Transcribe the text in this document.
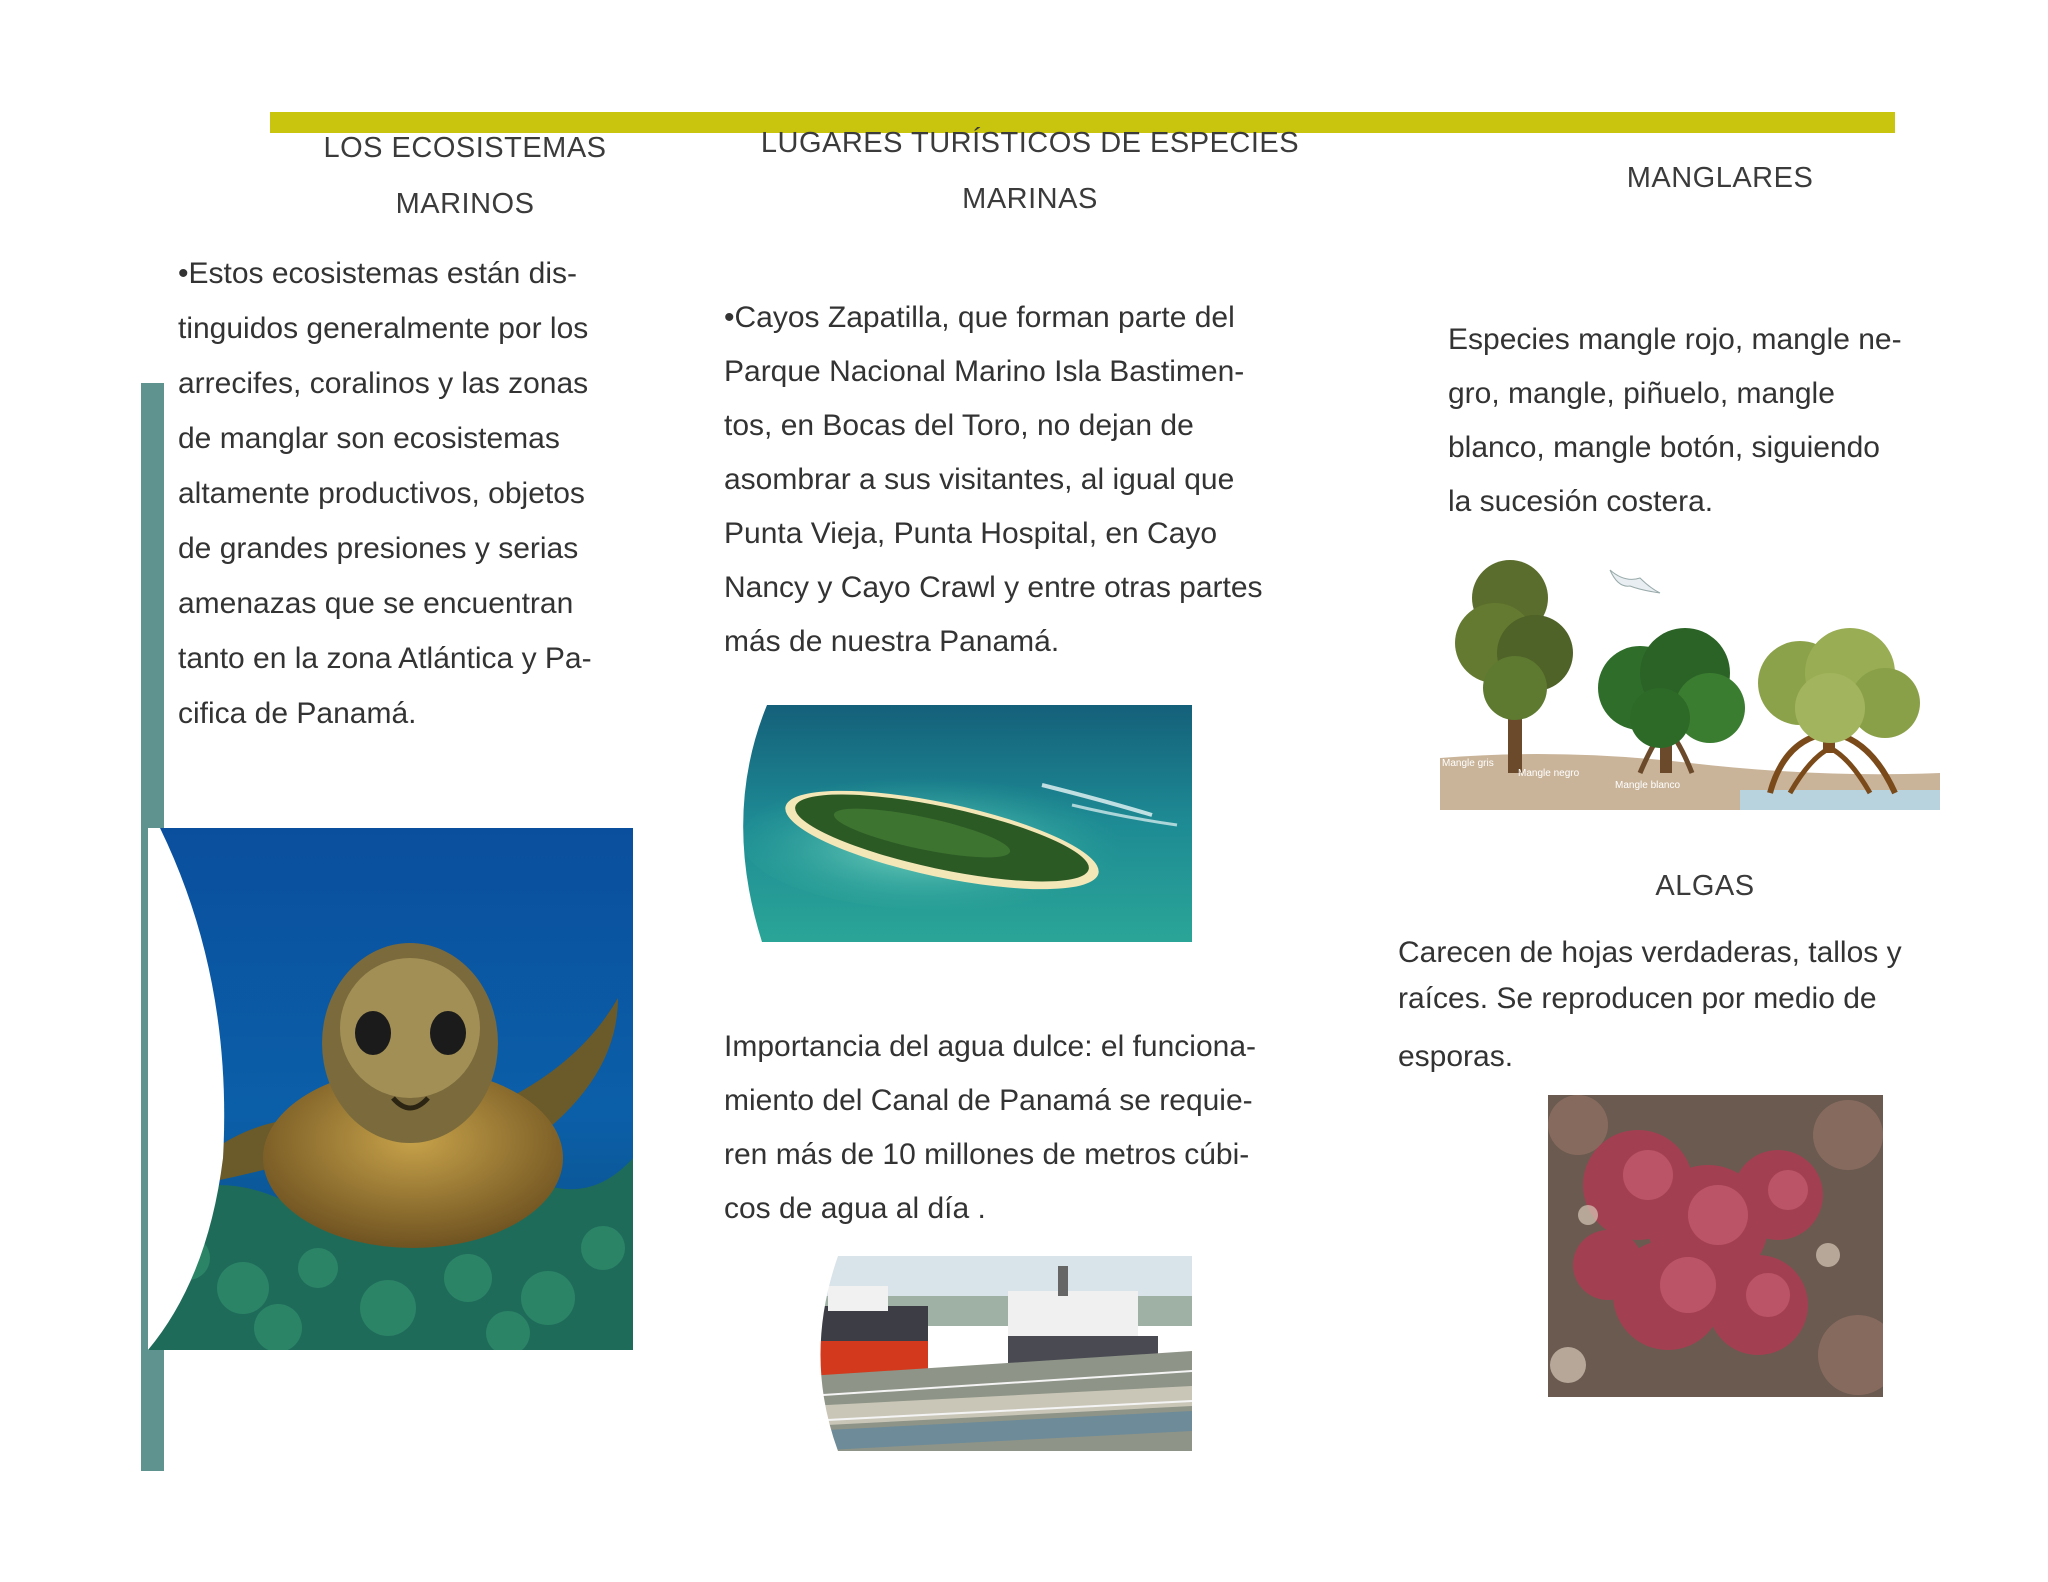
LOS ECOSISTEMAS
MARINOS
•Estos ecosistemas están dis-
tinguidos generalmente por los
arrecifes, coralinos y las zonas
de manglar son ecosistemas
altamente productivos, objetos
de grandes presiones y serias
amenazas que se encuentran
tanto en la zona Atlántica y Pa-
cifica de Panamá.
LUGARES TURÍSTICOS DE ESPECIES
MARINAS
•Cayos Zapatilla, que forman parte del
Parque Nacional Marino Isla Bastimen-
tos, en Bocas del Toro, no dejan de
asombrar a sus visitantes, al igual que
Punta Vieja, Punta Hospital, en Cayo
Nancy y Cayo Crawl y entre otras partes
más de nuestra Panamá.
Importancia del agua dulce: el funciona-
miento del Canal de Panamá se requie-
ren más de 10 millones de metros cúbi-
cos de agua al día .
MANGLARES
Especies mangle rojo, mangle ne-
gro, mangle, piñuelo, mangle
blanco, mangle botón, siguiendo
la sucesión costera.
Mangle gris
Mangle negro
Mangle blanco
ALGAS
Carecen de hojas verdaderas, tallos y
raíces. Se reproducen por medio de
esporas.
